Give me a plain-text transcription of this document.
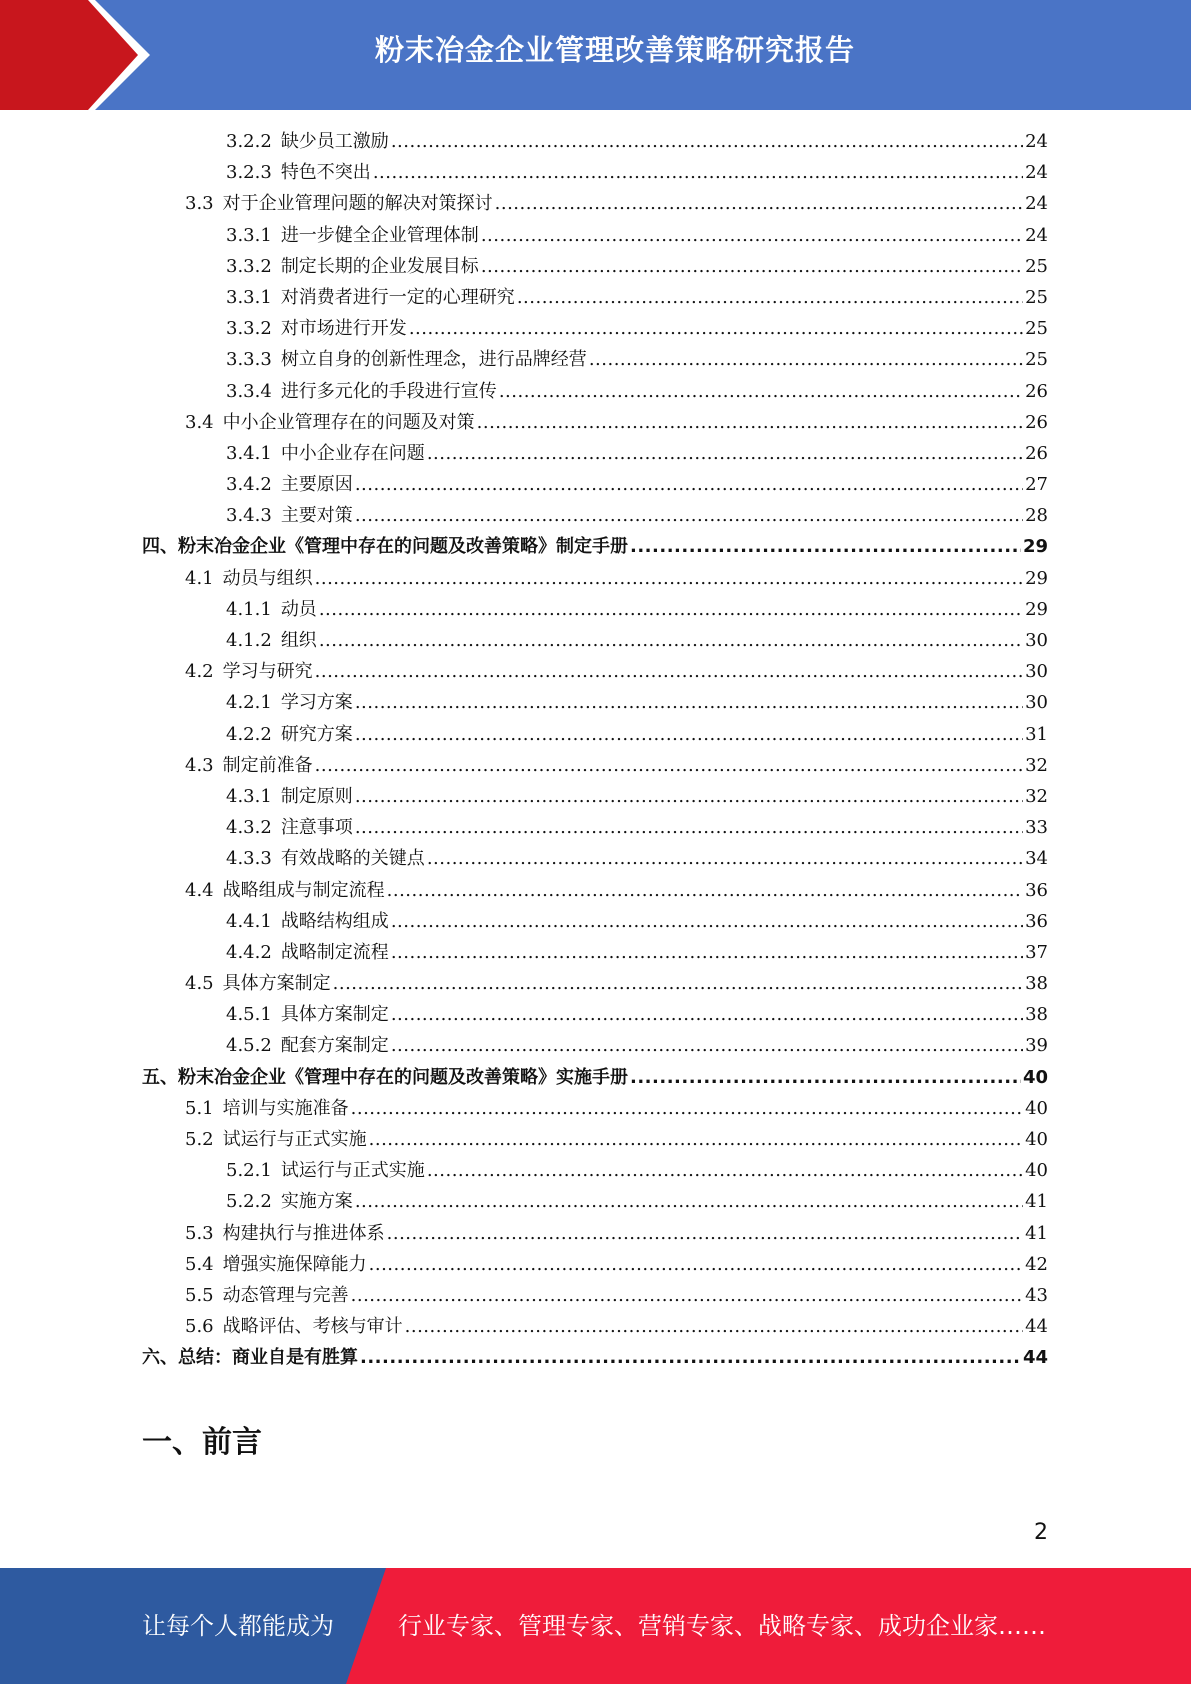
粉末冶金企业管理改善策略研究报告
3.2.2 缺少员工激励 .....	24
3.2.3 特色不突出 .....	24
3.3 对于企业管理问题的解决对策探讨 .....	24
3.3.1 进一步健全企业管理体制 .....	24
3.3.2 制定长期的企业发展目标 .....	25
3.3.1 对消费者进行一定的心理研究 .....	25
3.3.2 对市场进行开发 .....	25
3.3.3 树立自身的创新性理念，进行品牌经营 .....	25
3.3.4 进行多元化的手段进行宣传 .....	26
3.4 中小企业管理存在的问题及对策 .....	26
3.4.1 中小企业存在问题 .....	26
3.4.2 主要原因 .....	27
3.4.3 主要对策 .....	28
四、粉末冶金企业《管理中存在的问题及改善策略》制定手册 .....	29
4.1 动员与组织 .....	29
4.1.1 动员 .....	29
4.1.2 组织 .....	30
4.2 学习与研究 .....	30
4.2.1 学习方案 .....	30
4.2.2 研究方案 .....	31
4.3 制定前准备 .....	32
4.3.1 制定原则 .....	32
4.3.2 注意事项 .....	33
4.3.3 有效战略的关键点 .....	34
4.4 战略组成与制定流程 .....	36
4.4.1 战略结构组成 .....	36
4.4.2 战略制定流程 .....	37
4.5 具体方案制定 .....	38
4.5.1 具体方案制定 .....	38
4.5.2 配套方案制定 .....	39
五、粉末冶金企业《管理中存在的问题及改善策略》实施手册 .....	40
5.1 培训与实施准备 .....	40
5.2 试运行与正式实施 .....	40
5.2.1 试运行与正式实施 .....	40
5.2.2 实施方案 .....	41
5.3 构建执行与推进体系 .....	41
5.4 增强实施保障能力 .....	42
5.5 动态管理与完善 .....	43
5.6 战略评估、考核与审计 .....	44
六、总结：商业自是有胜算 .....	44
一、前言
2
让每个人都能成为	行业专家、管理专家、营销专家、战略专家、成功企业家……
